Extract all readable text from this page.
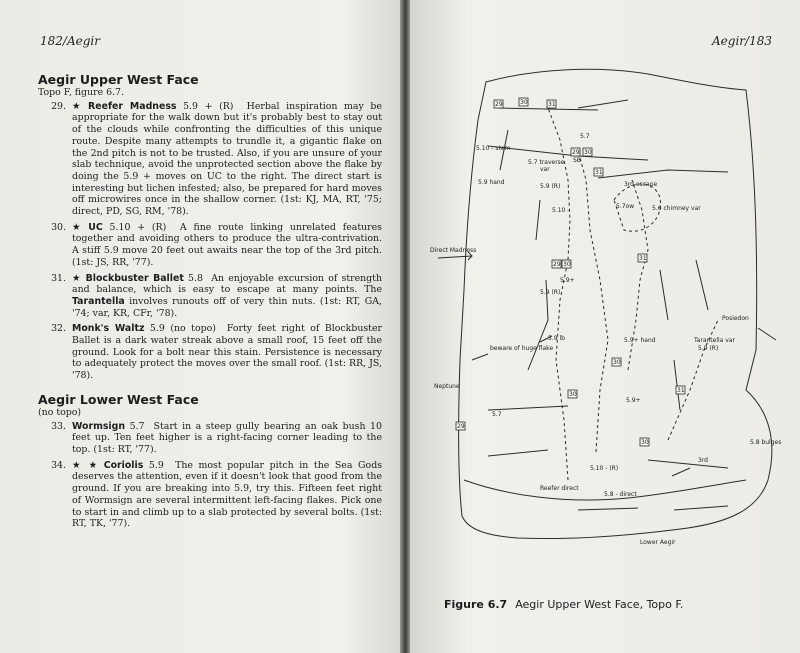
182/Aegir
Aegir Upper West Face

Topo F, figure 6.7.

29. ★ Reefer Madness 5.9 + (R) Herbal inspiration may be appropriate for the walk down but it's probably best to stay out of the clouds while confronting the difficulties of this unique route. Despite many attempts to trundle it, a gigantic flake on the 2nd pitch is not to be trusted. Also, if you are unsure of your slab technique, avoid the unprotected section above the flake by doing the 5.9 + moves on UC to the right. The direct start is interesting but lichen infested; also, be prepared for hard moves off microwires once in the shallow corner. (1st: KJ, MA, RT, '75; direct, PD, SG, RM, '78).

30. ★ UC 5.10 + (R) A fine route linking unrelated features together and avoiding others to produce the ultra-contrivation. A stiff 5.9 move 20 feet out awaits near the top of the 3rd pitch. (1st: JS, RR, '77).

31. ★ Blockbuster Ballet 5.8 An enjoyable excursion of strength and balance, which is easy to escape at many points. The Tarantella involves runouts off of very thin nuts. (1st: RT, GA, '74; var, KR, CFr, '78).

32. Monk's Waltz 5.9 (no topo) Forty feet right of Blockbuster Ballet is a dark water streak above a small roof, 15 feet off the ground. Look for a bolt near this stain. Persistence is necessary to adequately protect the moves over the small roof. (1st: RR, JS, '78).

Aegir Lower West Face

(no topo)

33. Wormsign 5.7 Start in a steep gully bearing an oak bush 10 feet up. Ten feet higher is a right-facing corner leading to the top. (1st: RT, '77).

34. ★ ★ Coriolis 5.9 The most popular pitch in the Sea Gods deserves the attention, even if it doesn't look that good from the ground. If you are breaking into 5.9, try this. Fifteen feet right of Wormsign are several intermittent left-facing flakes. Pick one to start in and climb up to a slab protected by several bolts. (1st: RT, TK, '77).

Aegir/183
29	30	31
5.10 - stem
5.7
5.7 traverse
var
29 30
SB
31
5.9 hand
5.9 (R)	3rd escape
5.7ow
5.10 -	5.6 chimney var
31
Direct Madness
29 30
5.9+
5.9 (R)
Posiedon
5.9 lb	5.9+ hand	Tarantella var
5.9 (R)
beware of huge flake
30
Neptune
31
30
5.9+
5.7
29
5.8 bulges
30
3rd
5.10 - (R)
Reefer direct
5.8 - direct
Lower Aegir
Figure 6.7 Aegir Upper West Face, Topo F.
